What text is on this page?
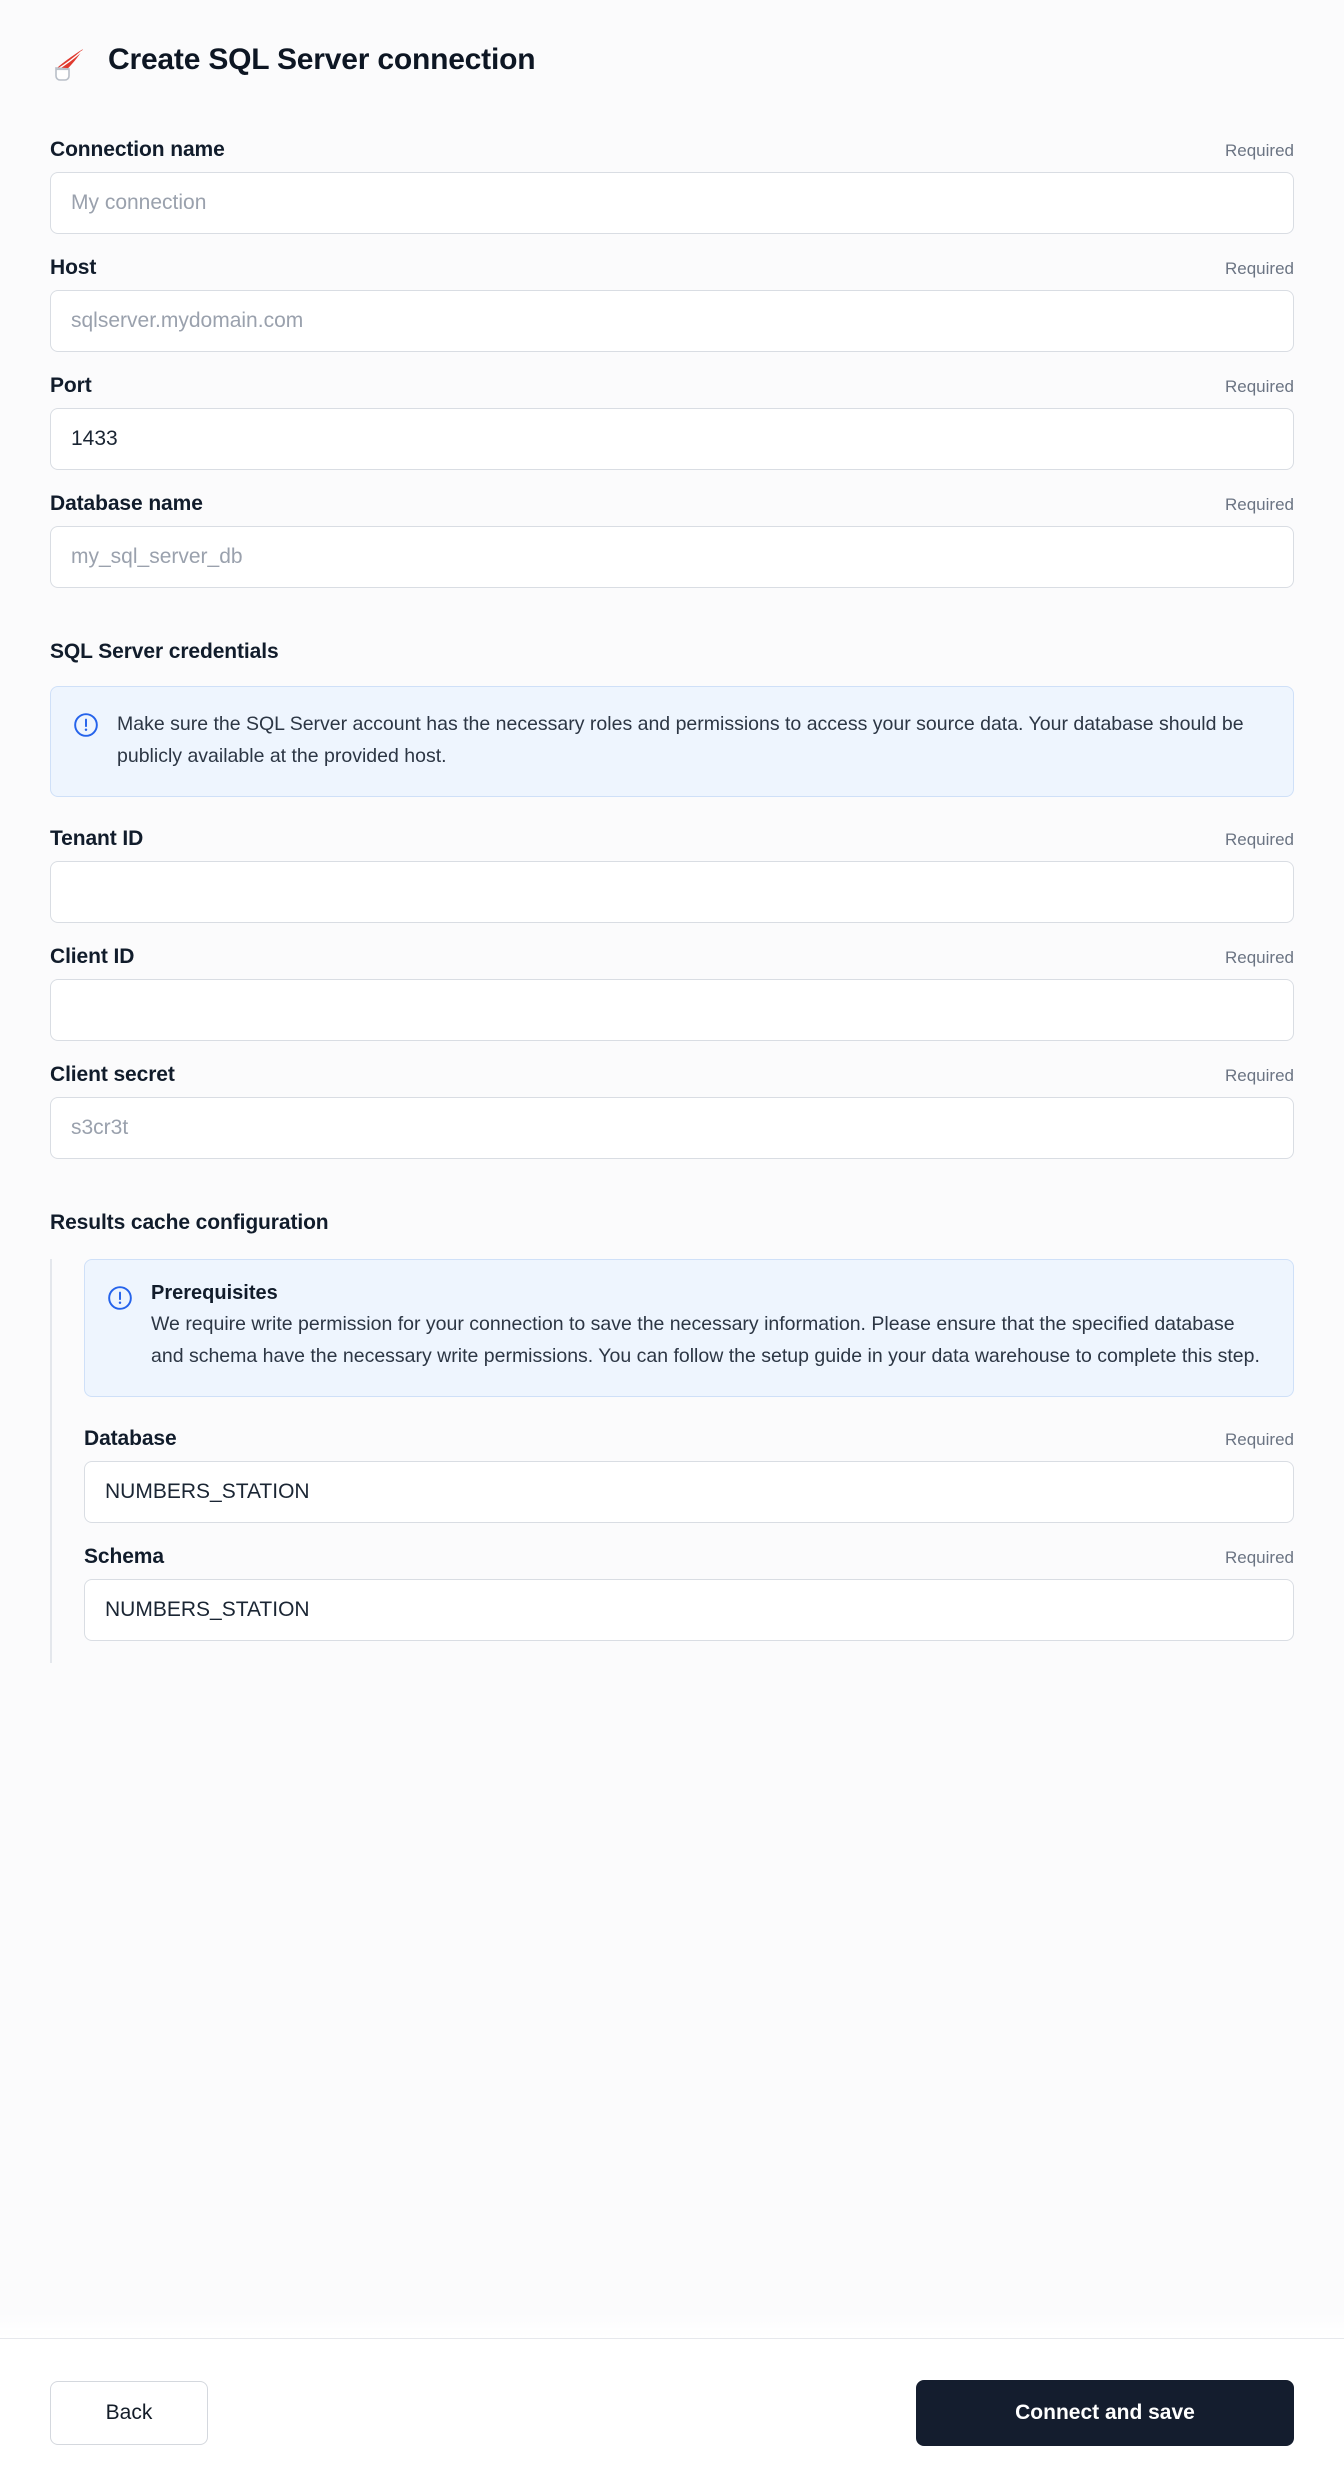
Create SQL Server connection
Connection name	Required
My connection
Host	Required
sqlserver.mydomain.com
Port	Required
1433
Database name	Required
my_sql_server_db
SQL Server credentials
Make sure the SQL Server account has the necessary roles and permissions to access your source data. Your database should be publicly available at the provided host.
Tenant ID	Required
Client ID	Required
Client secret	Required
s3cr3t
Results cache configuration
Prerequisites
We require write permission for your connection to save the necessary information. Please ensure that the specified database and schema have the necessary write permissions. You can follow the setup guide in your data warehouse to complete this step.
Database	Required
NUMBERS_STATION
Schema	Required
NUMBERS_STATION
Back	Connect and save
